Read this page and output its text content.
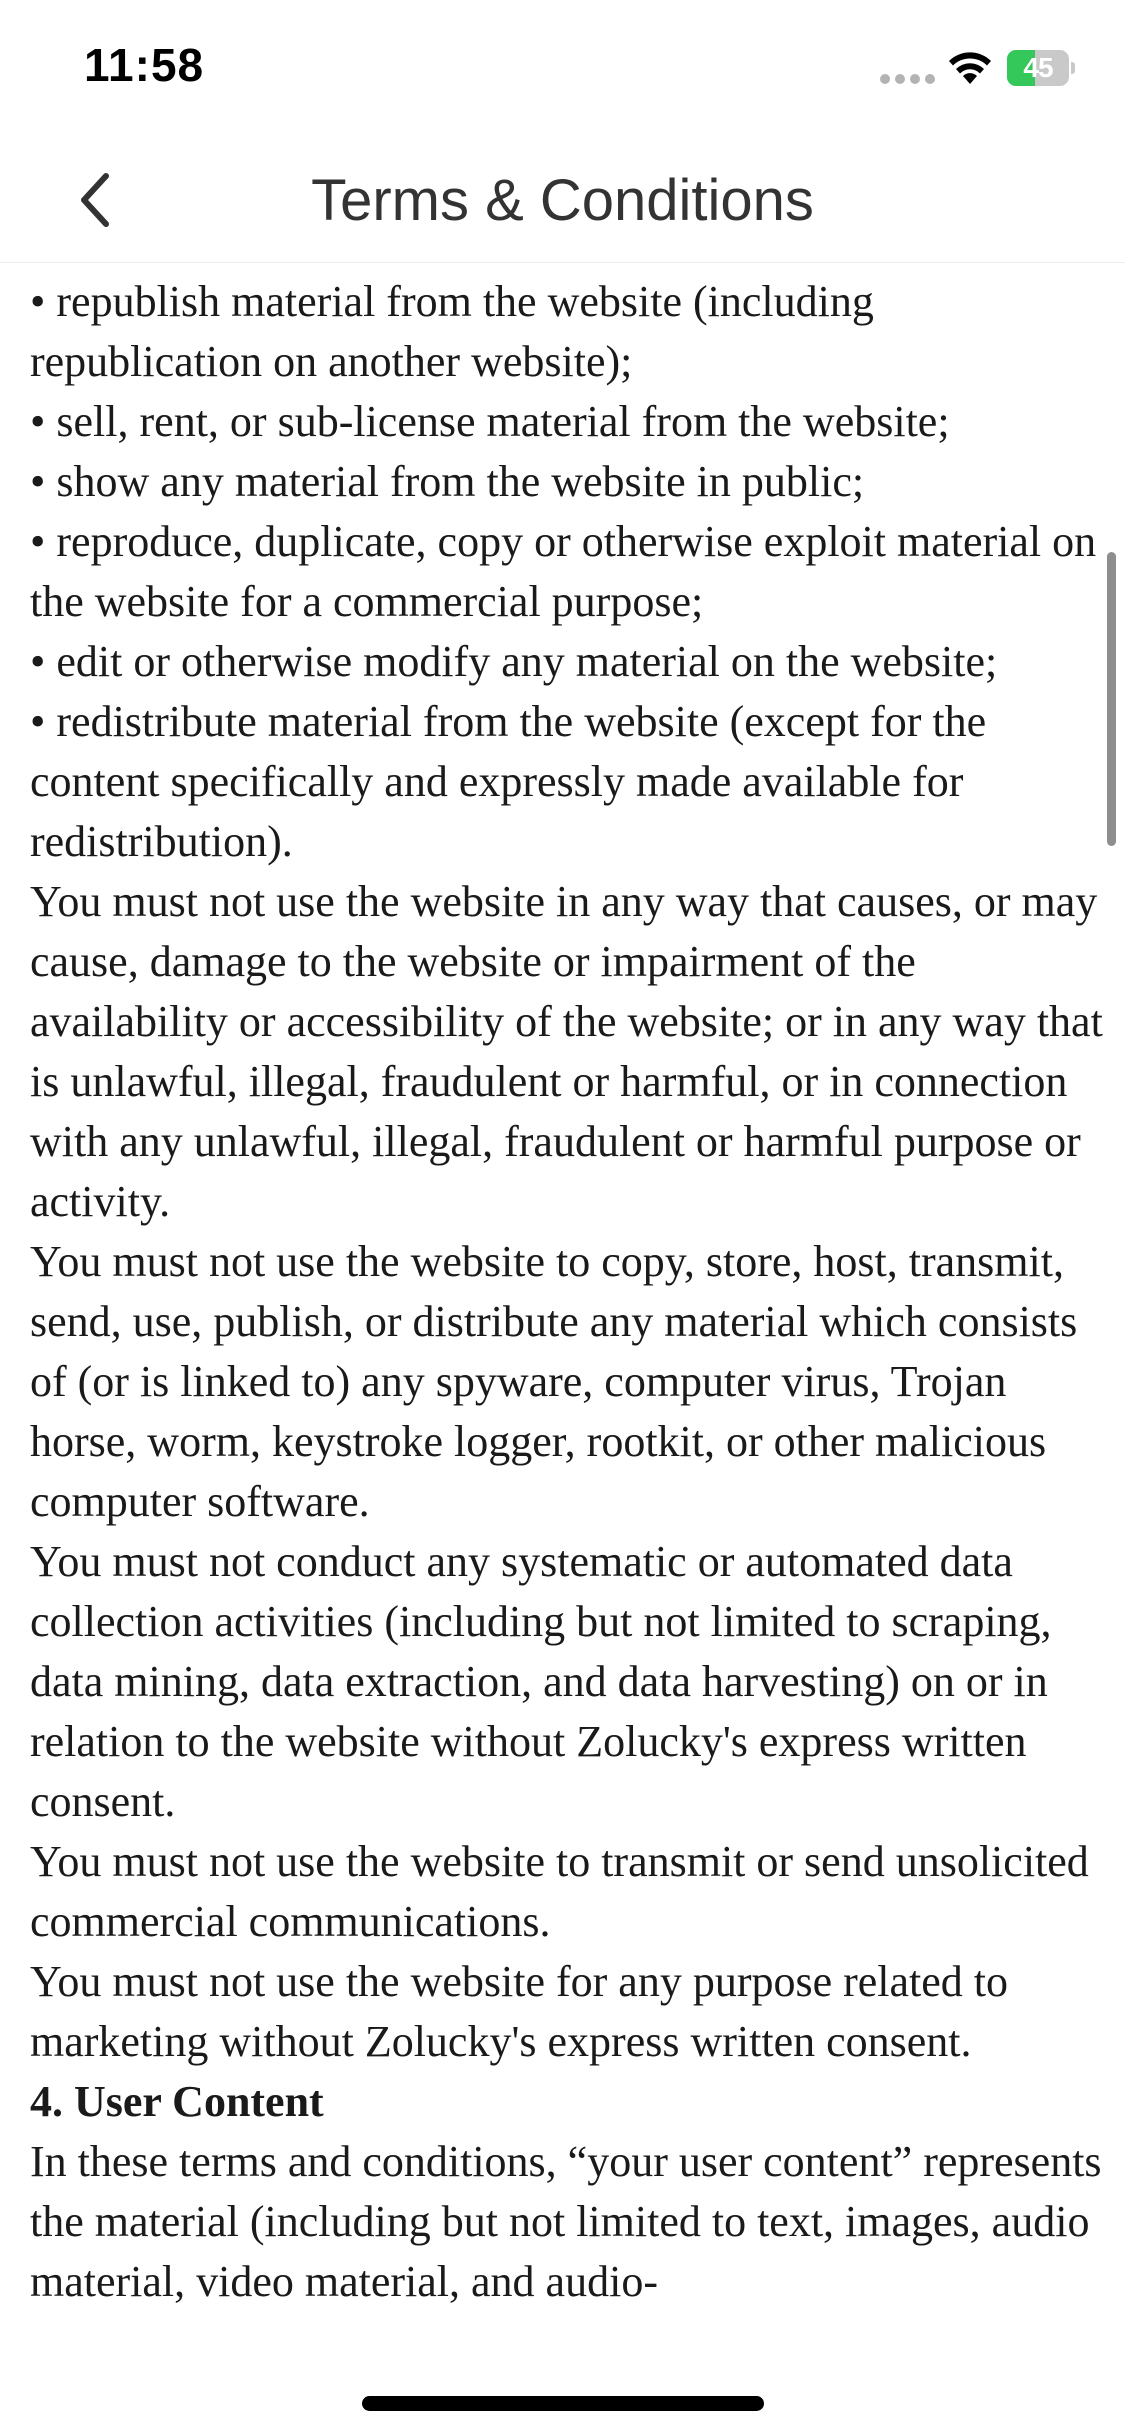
11:58	45
Terms & Conditions

• republish material from the website (including republication on another website);

• sell, rent, or sub-license material from the website;

• show any material from the website in public;

• reproduce, duplicate, copy or otherwise exploit material on the website for a commercial purpose;

• edit or otherwise modify any material on the website;

• redistribute material from the website (except for the content specifically and expressly made available for redistribution).

You must not use the website in any way that causes, or may cause, damage to the website or impairment of the availability or accessibility of the website; or in any way that is unlawful, illegal, fraudulent or harmful, or in connection with any unlawful, illegal, fraudulent or harmful purpose or activity.

You must not use the website to copy, store, host, transmit, send, use, publish, or distribute any material which consists of (or is linked to) any spyware, computer virus, Trojan horse, worm, keystroke logger, rootkit, or other malicious computer software.

You must not conduct any systematic or automated data collection activities (including but not limited to scraping, data mining, data extraction, and data harvesting) on or in relation to the website without Zolucky's express written consent.

You must not use the website to transmit or send unsolicited commercial communications.

You must not use the website for any purpose related to marketing without Zolucky's express written consent.

4. User Content

In these terms and conditions, “your user content” represents the material (including but not limited to text, images, audio material, video material, and audio-
